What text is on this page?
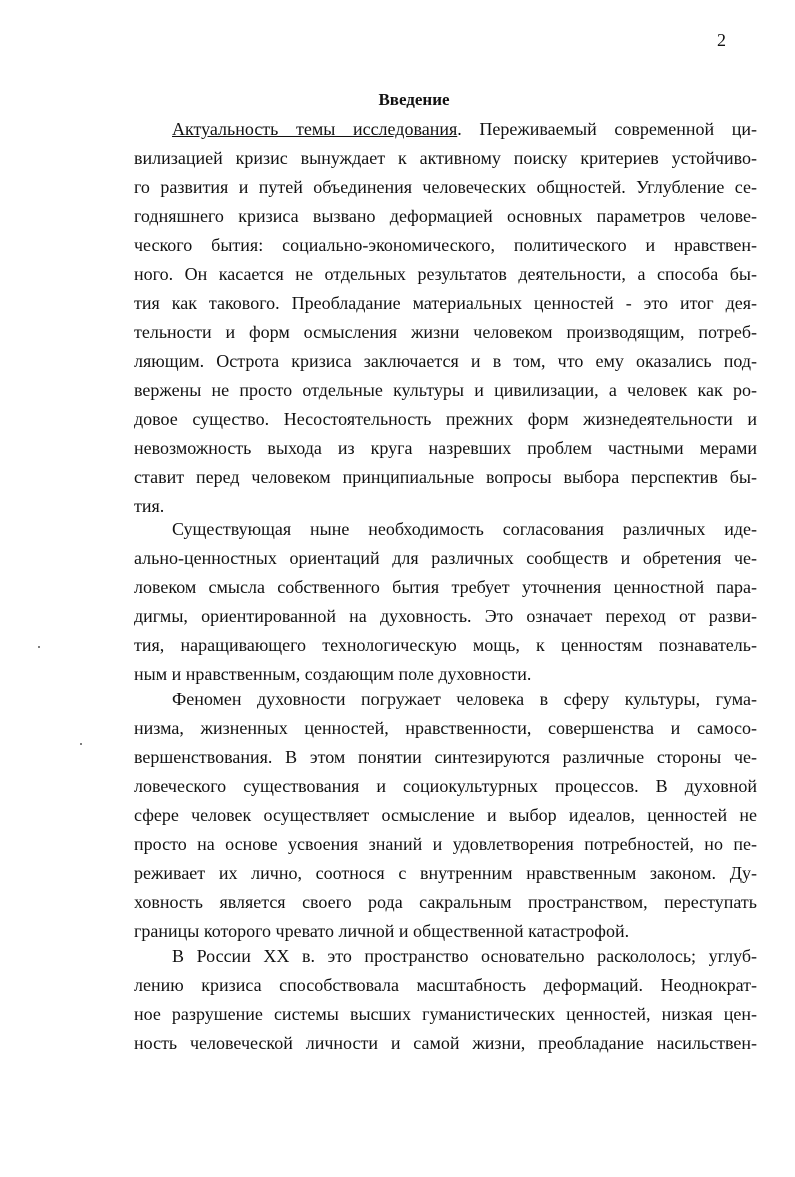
2
Введение
Актуальность темы исследования. Переживаемый современной ци-
вилизацией кризис вынуждает к активному поиску критериев устойчиво-
го развития и путей объединения человеческих общностей. Углубление се-
годняшнего кризиса вызвано деформацией основных параметров челове-
ческого бытия: социально-экономического, политического и нравствен-
ного. Он касается не отдельных результатов деятельности, а способа бы-
тия как такового. Преобладание материальных ценностей - это итог дея-
тельности и форм осмысления жизни человеком производящим, потреб-
ляющим. Острота кризиса заключается и в том, что ему оказались под-
вержены не просто отдельные культуры и цивилизации, а человек как ро-
довое существо. Несостоятельность прежних форм жизнедеятельности и
невозможность выхода из круга назревших проблем частными мерами
ставит перед человеком принципиальные вопросы выбора перспектив бы-
тия.
Существующая ныне необходимость согласования различных иде-
ально-ценностных ориентаций для различных сообществ и обретения че-
ловеком смысла собственного бытия требует уточнения ценностной пара-
дигмы, ориентированной на духовность. Это означает переход от разви-
тия, наращивающего технологическую мощь, к ценностям познаватель-
ным и нравственным, создающим поле духовности.
Феномен духовности погружает человека в сферу культуры, гума-
низма, жизненных ценностей, нравственности, совершенства и самосо-
вершенствования. В этом понятии синтезируются различные стороны че-
ловеческого существования и социокультурных процессов. В духовной
сфере человек осуществляет осмысление и выбор идеалов, ценностей не
просто на основе усвоения знаний и удовлетворения потребностей, но пе-
реживает их лично, соотнося с внутренним нравственным законом. Ду-
ховность является своего рода сакральным пространством, переступать
границы которого чревато личной и общественной катастрофой.
В России XX в. это пространство основательно раскололось; углуб-
лению кризиса способствовала масштабность деформаций. Неоднократ-
ное разрушение системы высших гуманистических ценностей, низкая цен-
ность человеческой личности и самой жизни, преобладание насильствен-
